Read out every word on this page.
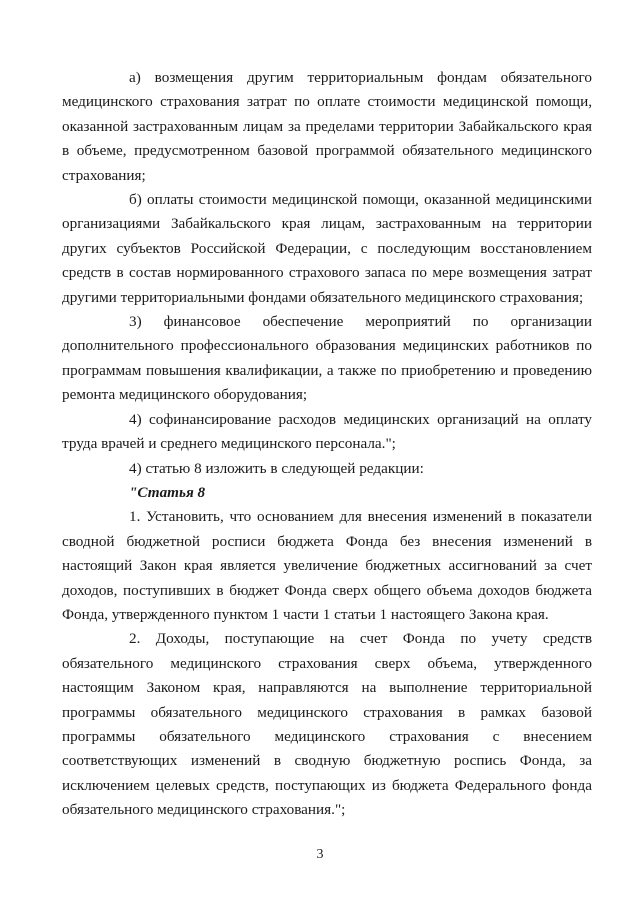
а) возмещения другим территориальным фондам обязательного медицинского страхования затрат по оплате стоимости медицинской помощи, оказанной застрахованным лицам за пределами территории Забайкальского края в объеме, предусмотренном базовой программой обязательного медицинского страхования;

б) оплаты стоимости медицинской помощи, оказанной медицинскими организациями Забайкальского края лицам, застрахованным на территории других субъектов Российской Федерации, с последующим восстановлением средств в состав нормированного страхового запаса по мере возмещения затрат другими территориальными фондами обязательного медицинского страхования;

3) финансовое обеспечение мероприятий по организации дополнительного профессионального образования медицинских работников по программам повышения квалификации, а также по приобретению и проведению ремонта медицинского оборудования;

4) софинансирование расходов медицинских организаций на оплату труда врачей и среднего медицинского персонала.";

4) статью 8 изложить в следующей редакции:

"Статья 8

1. Установить, что основанием для внесения изменений в показатели сводной бюджетной росписи бюджета Фонда без внесения изменений в настоящий Закон края является увеличение бюджетных ассигнований за счет доходов, поступивших в бюджет Фонда сверх общего объема доходов бюджета Фонда, утвержденного пунктом 1 части 1 статьи 1 настоящего Закона края.

2. Доходы, поступающие на счет Фонда по учету средств обязательного медицинского страхования сверх объема, утвержденного настоящим Законом края, направляются на выполнение территориальной программы обязательного медицинского страхования в рамках базовой программы обязательного медицинского страхования с внесением соответствующих изменений в сводную бюджетную роспись Фонда, за исключением целевых средств, поступающих из бюджета Федерального фонда обязательного медицинского страхования.";

3
